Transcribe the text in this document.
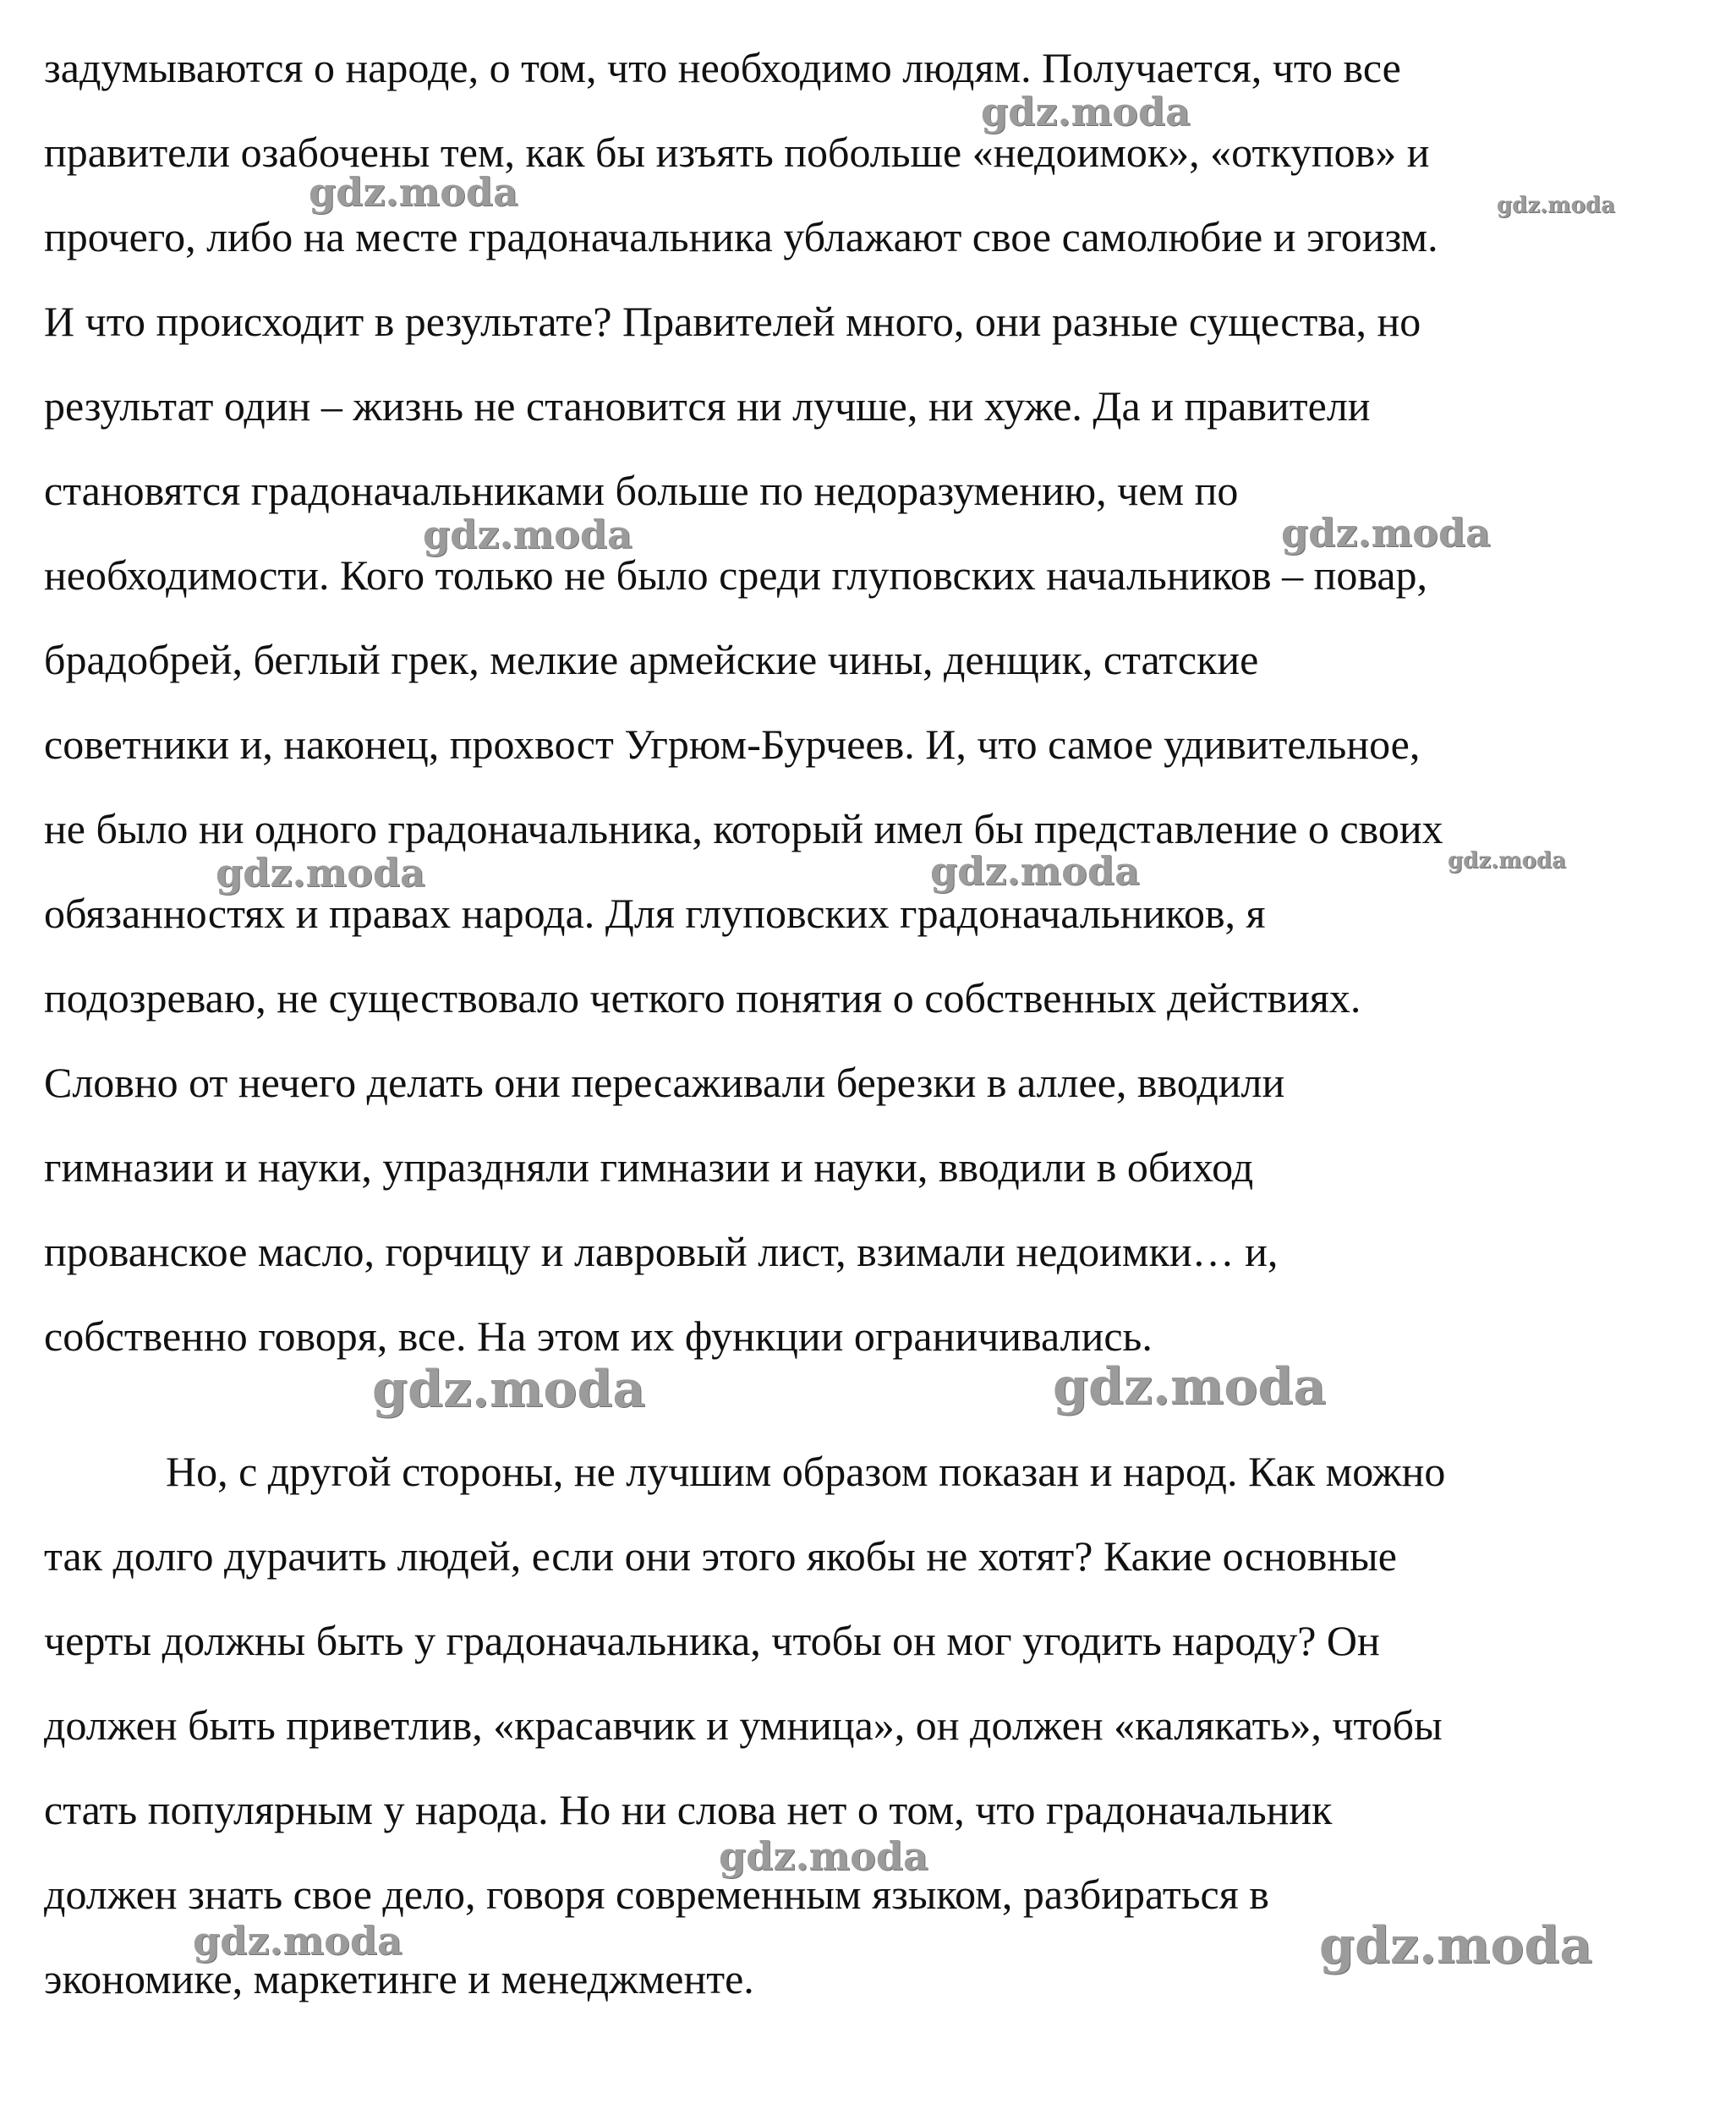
задумываются о народе, о том, что необходимо людям. Получается, что все
правители озабочены тем, как бы изъять побольше «недоимок», «откупов» и
прочего, либо на месте градоначальника ублажают свое самолюбие и эгоизм.
И что происходит в результате? Правителей много, они разные существа, но
результат один – жизнь не становится ни лучше, ни хуже. Да и правители
становятся градоначальниками больше по недоразумению, чем по
необходимости. Кого только не было среди глуповских начальников – повар,
брадобрей, беглый грек, мелкие армейские чины, денщик, статские
советники и, наконец, прохвост Угрюм-Бурчеев. И, что самое удивительное,
не было ни одного градоначальника, который имел бы представление о своих
обязанностях и правах народа. Для глуповских градоначальников, я
подозреваю, не существовало четкого понятия о собственных действиях.
Словно от нечего делать они пересаживали березки в аллее, вводили
гимназии и науки, упраздняли гимназии и науки, вводили в обиход
прованское масло, горчицу и лавровый лист, взимали недоимки… и,
собственно говоря, все. На этом их функции ограничивались.
Но, с другой стороны, не лучшим образом показан и народ. Как можно
так долго дурачить людей, если они этого якобы не хотят? Какие основные
черты должны быть у градоначальника, чтобы он мог угодить народу? Он
должен быть приветлив, «красавчик и умница», он должен «калякать», чтобы
стать популярным у народа. Но ни слова нет о том, что градоначальник
должен знать свое дело, говоря современным языком, разбираться в
экономике, маркетинге и менеджменте.
gdz.moda
gdz.moda	gdz.moda
gdz.moda	gdz.moda
gdz.moda	gdz.moda	gdz.moda
gdz.moda	gdz.moda
gdz.moda
gdz.moda	gdz.moda
